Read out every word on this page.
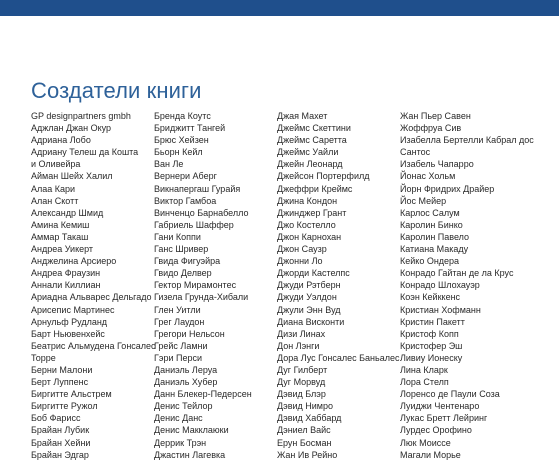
Создатели книги
GP designpartners gmbh
Аджлан Джан Окур
Адриана Лобо
Адриану Телеш да Кошта
и Оливейра
Айман Шейх Халил
Алаа Кари
Алан Скотт
Александр Шмид
Амина Кемиш
Аммар Такаш
Андреа Уикерт
Анджелина Арсиеро
Андреа Фраузин
Аннали Киллиан
Ариадна Альварес Дельгадо
Арисепис Мартинес
Арнульф Рудланд
Барт Ньювенхейс
Беатрис Альмудена Гонсалес
Торре
Берни Малони
Берт Луппенс
Биргитте Альстрем
Биргитте Ружол
Боб Фарисс
Брайан Лубик
Брайан Хейни
Брайан Эдгар
Бренда Коутс
Бриджитт Тангей
Брюс Хейзен
Бьорн Кейл
Ван Ле
Вернери Аберг
Викнапергаш Гурайя
Виктор Гамбоа
Винченцо Барнабелло
Габриель Шаффер
Гани Коппи
Ганс Шривер
Гвида Фигуэйра
Гвидо Делвер
Гектор Мирамонтес
Гизела Грунда-Хибали
Глен Уитли
Грег Лаудон
Грегори Нельсон
Грейс Ламни
Гэри Перси
Даниэль Леруа
Даниэль Хубер
Данн Блекер-Педерсен
Денис Тейлор
Денис Данс
Денис Макклаюки
Деррик Трэн
Джастин Лагевка
Джая Махет
Джеймс Скеттини
Джеймс Саретта
Джеймс Уайли
Джейн Леонард
Джейсон Портерфилд
Джеффри Креймс
Джина Кондон
Джинджер Грант
Джо Костелло
Джон Карнохан
Джон Саузр
Джонни Ло
Джорди Кастелпс
Джуди Рэтберн
Джуди Уэлдон
Джули Энн Вуд
Диана Висконти
Дизи Линах
Дон Лэнги
Дора Лус Гонсалес Баньалес
Дуг Гилберт
Дуг Морвуд
Дэвид Блэр
Дэвид Нимро
Дэвид Хаббард
Дэниел Вайс
Ерун Босман
Жан Ив Рейно
Жан Пьер Савен
Жоффруа Сив
Изабелла Бертелли Кабрал дос
Сантос
Изабель Чапарро
Йонас Хольм
Йорн Фридрих Драйер
Йос Мейер
Карлос Салум
Каролин Бинко
Каролин Павело
Катиана Макаду
Кейко Ондера
Конрадо Гайтан де ла Крус
Конрадо Шлохауэр
Коэн Кейккенс
Кристиан Хофманн
Кристин Пакетт
Кристоф Копп
Кристофер Эш
Ливиу Ионеску
Лина Кларк
Лора Стелп
Лоренсо де Паули Соза
Луиджи Чентенаро
Лукас Бретт Лейринг
Лурдес Орофино
Люк Моиссе
Магали Морье
